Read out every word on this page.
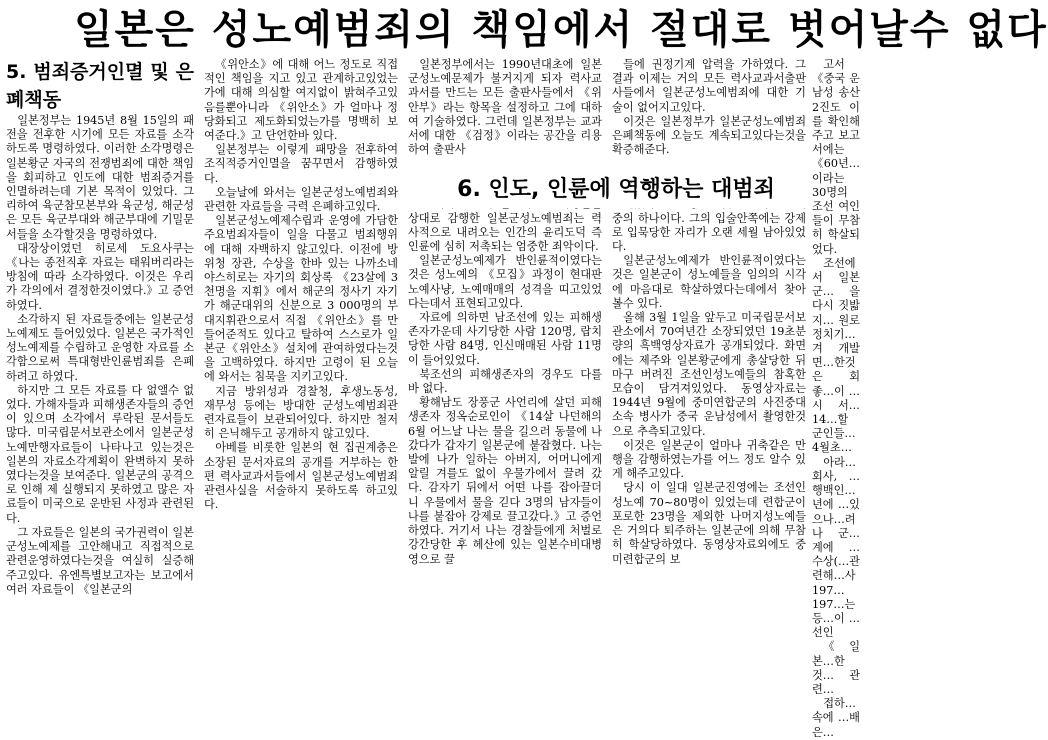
일본은 성노예범죄의 책임에서 절대로 벗어날수 없다
5. 범죄증거인멸 및 은폐책동

일본정부는 1945년 8월 15일의 패전을 전후한 시기에 모든 자료를 소각하도록 명령하였다. 이러한 소각명령은 일본황군 자국의 전쟁범죄에 대한 책임을 회피하고 인도에 대한 범죄증거를 인멸하려는데 기본 목적이 있었다. 그리하여 육군참모본부와 육군성, 해군성은 모든 육군부대와 해군부대에 기밀문서들을 소각할것을 명령하였다.

대장상이였던 히로세 도요사쿠는 《나는 종전직후 자료는 태워버리라는 방침에 따라 소각하였다. 이것은 우리가 각의에서 결정한것이였다.》고 증언하였다.

소각하지 된 자료들중에는 일본군성노예제도 들어있었다. 일본은 국가적인 성노예제를 수립하고 운영한 자료를 소각함으로써 특대형반인륜범죄를 은폐하려고 하였다.

하지만 그 모든 자료를 다 없앨수 없었다. 가해자들과 피해생존자들의 증언이 있으며 소각에서 루락된 문서들도 많다. 미국립문서보관소에서 일본군성노예만행자료들이 나타나고 있는것은 일본의 자료소각계획이 완벽하지 못하였다는것을 보여준다. 일본군의 공격으로 인해 제 실행되지 못하였고 많은 자료들이 미국으로 운반된 사정과 관련된다.

그 자료들은 일본의 국가권력이 일본군성노예제를 고안해내고 직접적으로 관련운영하였다는것을 여실히 실증해주고있다. 유엔특별보고자는 보고에서 여러 자료들이 《일본군의

《위안소》에 대해 어느 정도로 직접적인 책임을 지고 있고 관계하고있었는가에 대해 의심할 여지없이 밝혀주고있음를뿐아니라 《위안소》가 얼마나 정당화되고 제도화되었는가를 명백히 보여준다.》고 단언한바 있다.

일본정부는 이렇게 패망을 전후하여 조직적증거인멸을 꿈꾸면서 감행하였다.

오늘날에 와서는 일본군성노예범죄와 관련한 자료들을 극력 은폐하고있다.

일본군성노예제수립과 운영에 가담한 주요범죄자들이 일을 다물고 범죄행위에 대해 자백하지 않고있다. 이전에 방위청 장관, 수상을 한바 있는 나까소네 야스히로는 자기의 회상록 《23살에 3천명을 지휘》에서 해군의 정사기 자기가 해군대위의 신분으로 3 000명의 부대지휘관으로서 직접 《위안소》를 만들어준적도 있다고 탈하여 스스로가 일본군《위안소》설치에 관여하였다는것을 고백하였다. 하지만 고령이 된 오늘에 와서는 침묵을 지키고있다.

지금 방위성과 경찰청, 후생노동성, 재무성 등에는 방대한 군성노예범죄관련자료들이 보관되어있다. 하지만 철저히 은닉해두고 공개하지 않고있다.

아베를 비롯한 일본의 현 집권계층은 소장된 문서자료의 공개를 거부하는 한편 력사교과서들에서 일본군성노예범죄관련사실을 서술하지 못하도록 하고있다.

일본정부에서는 1990년대초에 일본군성노예문제가 불거지게 되자 력사교과서를 만드는 모든 출판사들에서 《위안부》라는 항목을 설정하고 그에 대하여 기술하였다. 그런데 일본정부는 교과서에 대한 《검정》이라는 공간을 리용하여 출판사

상대로 감행한 일본군성노예범죄는 력사적으로 내려오는 인간의 윤리도덕 즉 인륜에 심히 저촉되는 엄중한 죄악이다.

일본군성노예제가 반인륜적이였다는것은 성노예의 《모집》과정이 현대판노예사냥, 노예매매의 성격을 띠고있었다는데서 표현되고있다.

자료에 의하면 남조선에 있는 피해생존자가운데 사기당한 사람 120명, 랍치당한 사람 84명, 인신매매된 사람 11명이 들어있었다.

북조선의 피해생존자의 경우도 다를바 없다.

황해남도 장풍군 사언리에 살던 피해생존자 정옥순로인이 《14살 나던해의 6월 어느날 나는 물을 길으러 동물에 나갔다가 갑자기 일본군에 붙잡혔다. 나는 발에 나가 일하는 아버지, 어머니에게 알릴 겨를도 없이 우물가에서 끌려 갔다. 감자기 뒤에서 어떤 나를 잡아끌더니 우물에서 물을 긷다 3명의 남자들이 나를 붙잡아 강제로 끌고갔다.》고 증언하였다. 거기서 나는 경찰들에게 처벌로 강간당한 후 헤산에 있는 일본수비대병영으로 끌

들에 권정기계 압력을 가하였다. 그 결과 이제는 거의 모든 력사교과서출판사들에서 일본군성노예범죄에 대한 기술이 없어지고있다.

이것은 일본정부가 일본군성노예범죄은폐책동에 오늘도 계속되고있다는것을 확증해준다.

중의 하나이다. 그의 입술안쪽에는 강제로 입묵당한 자리가 오랜 세월 남아있었다.

일본군성노예제가 반인륜적이였다는것은 일본군이 성노예들을 임의의 시각에 마음대로 학살하였다는데에서 찾아볼수 있다.

올해 3월 1일을 앞두고 미국립문서보관소에서 70여년간 소장되였던 19초분량의 흑백영상자료가 공개되었다. 화면에는 제주와 일본황군에게 총살당한 뒤 마구 버려진 조선인성노예들의 참혹한 모습이 담겨져있었다. 동영상자료는 1944년 9월에 중미연합군의 사진중대소속 병사가 중국 운남성에서 촬영한것으로 추측되고있다.

이것은 일본군이 얼마나 귀축같은 만행을 감행하였는가를 어느 정도 알수 있게 해주고있다.

당시 이 일대 일본군진영에는 조선인성노예 70~80명이 있었는데 련합군이 포로한 23명을 제외한 나머지성노예들은 거의다 퇴주하는 일본군에 의해 무참히 학살당하였다. 동영상자료외에도 중미련합군의 보

고서 《중국 운남성 송산 2진도 이를 확인해주고 보고서에는 《60년…이라는 30명의 조선 여인들이 무참히 학살되었다.

조선에서 일본군… 을 다시 짓밟지… 원로정치기…겨 개발면…한것은 회 좋…이 …시 서… 14…할 군인들… 4월초…

아라… 회사, …행백인… 년에 …있으나…려나 군… 계에 … 수상(…관련해…사 197…197…는 등…이 …선인

《일본…한것… 관련…

접하…속에 …배은…

6. 인도, 인륜에 역행하는 대범죄
